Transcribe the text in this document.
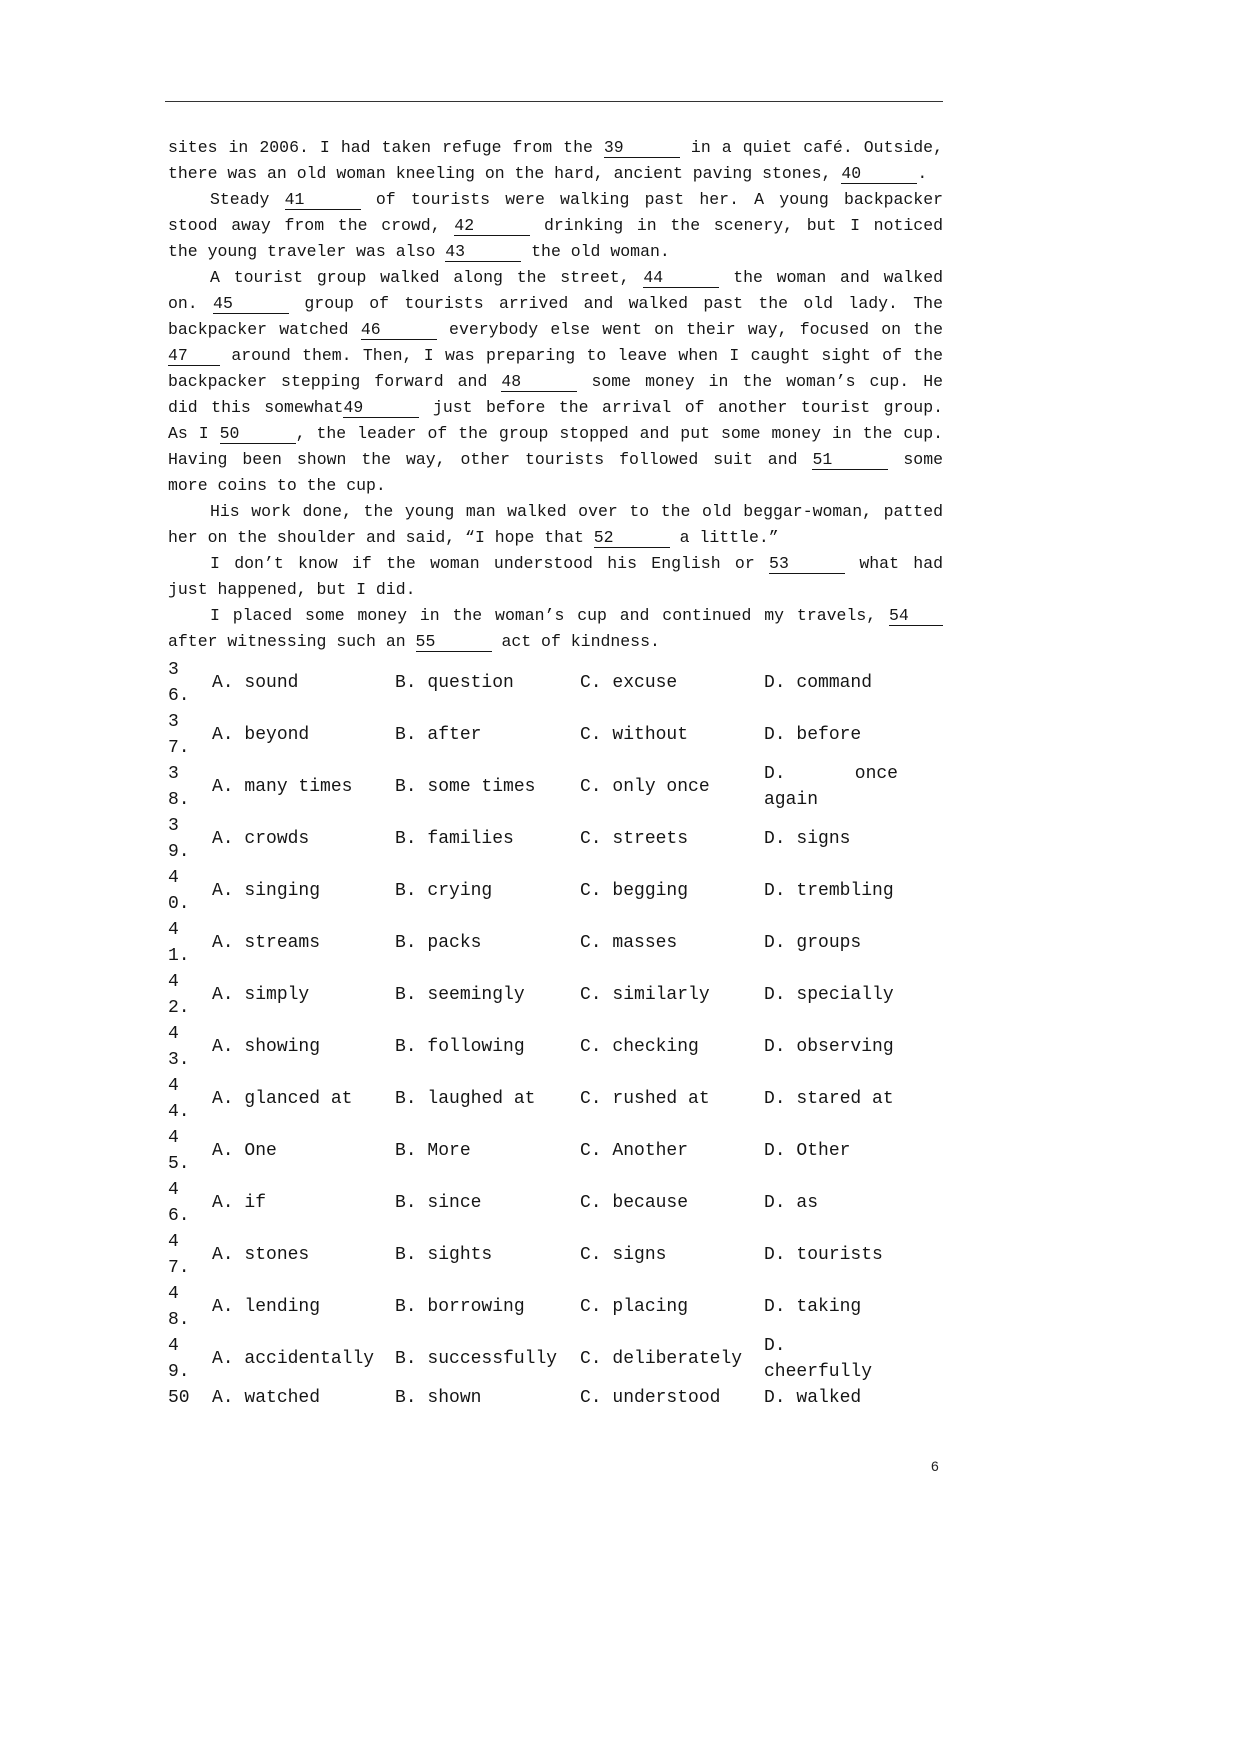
sites in 2006. I had taken refuge from the 39	in a quiet café. Outside,
there was an old woman kneeling on the hard, ancient paving stones, 40	.
Steady 41	of tourists were walking past her. A young backpacker
stood away from the crowd, 42	drinking in the scenery, but I noticed
the young traveler was also 43	the old woman.
A tourist group walked along the street, 44	the woman and walked
on. 45	group of tourists arrived and walked past the old lady. The
backpacker watched 46	everybody else went on their way, focused on the
47 around them. Then, I was preparing to leave when I caught sight of the
backpacker stepping forward and 48	some money in the woman’s cup. He
did this somewhat49	just before the arrival of another tourist group.
As I 50	, the leader of the group stopped and put some money in the cup.
Having been shown the way, other tourists followed suit and 51	some
more coins to the cup.
His work done, the young man walked over to the old beggar-woman, patted
her on the shoulder and said, “I hope that 52	a little.”
I don’t know if the woman understood his English or 53	what had
just happened, but I did.
I placed some money in the woman’s cup and continued my travels, 54
after witnessing such an 55	act of kindness.
36.
A. sound	B. question	C. excuse	D. command
37.
A. beyond	B. after	C. without	D. before
38.
A. many times	B. some times	C. only once
D.	once again
39.
A. crowds	B. families	C. streets	D. signs
40.
A. singing	B. crying	C. begging	D. trembling
41.
A. streams	B. packs	C. masses	D. groups
42.
A. simply	B. seemingly	C. similarly	D. specially
43.
A. showing	B. following	C. checking	D. observing
44.
A. glanced at	B. laughed at	C. rushed at	D. stared at
45.
A. One	B. More	C. Another	D. Other
46.
A. if	B. since	C. because	D. as
47.
A. stones	B. sights	C. signs	D. tourists
48.
A. lending	B. borrowing	C. placing	D. taking
49.
A. accidentally	B. successfully	C. deliberately
D. cheerfully
50 A. watched	B. shown	C. understood	D. walked
6
